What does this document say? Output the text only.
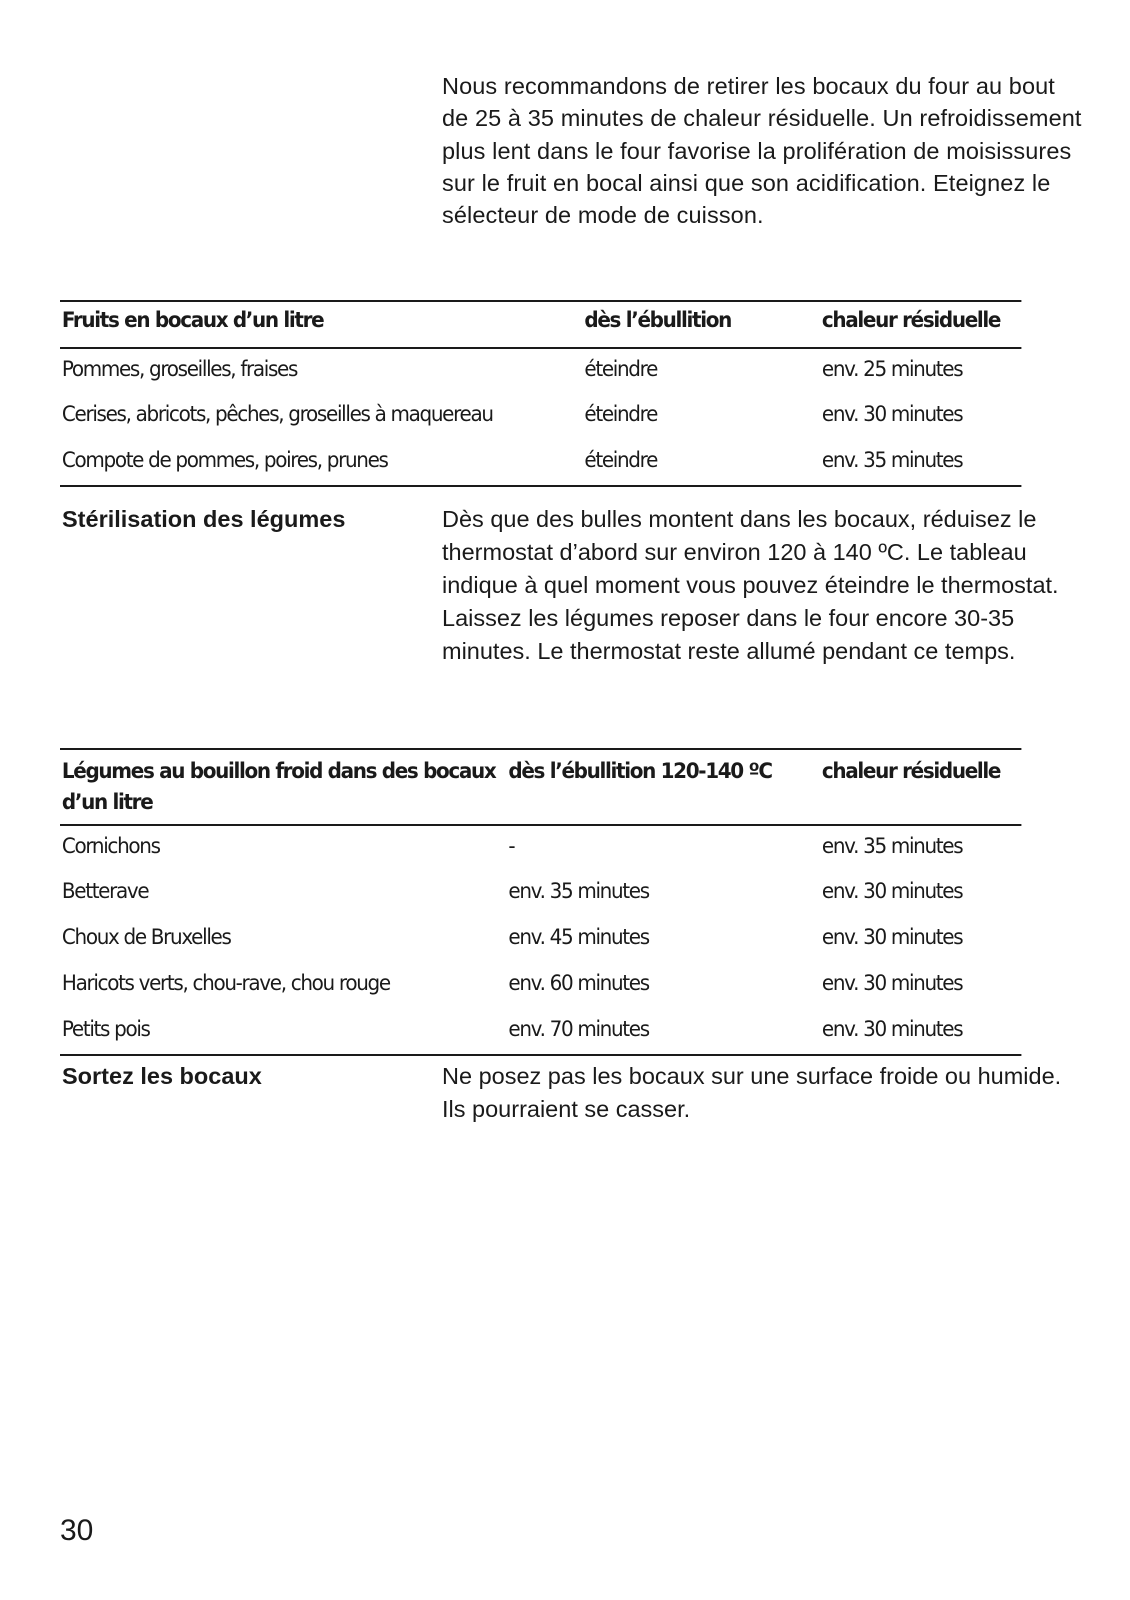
Nous recommandons de retirer les bocaux du four au bout de 25 à 35 minutes de chaleur résiduelle. Un refroidissement plus lent dans le four favorise la prolifération de moisissures sur le fruit en bocal ainsi que son acidification. Eteignez le sélecteur de mode de cuisson.

Fruits en bocaux d’un litre	dès l’ébullition	chaleur résiduelle

Pommes, groseilles, fraises	éteindre	env. 25 minutes

Cerises, abricots, pêches, groseilles à maquereau	éteindre	env. 30 minutes

Compote de pommes, poires, prunes	éteindre	env. 35 minutes
Stérilisation des légumes	Dès que des bulles montent dans les bocaux, réduisez le thermostat d’abord sur environ 120 à 140 ºC. Le tableau indique à quel moment vous pouvez éteindre le thermostat. Laissez les légumes reposer dans le four encore 30-35 minutes. Le thermostat reste allumé pendant ce temps.

Légumes au bouillon froid dans des bocaux d’un litre	dès l’ébullition 120-140 ºC	chaleur résiduelle

Cornichons	-	env. 35 minutes

Betterave	env. 35 minutes	env. 30 minutes

Choux de Bruxelles	env. 45 minutes	env. 30 minutes

Haricots verts, chou-rave, chou rouge	env. 60 minutes	env. 30 minutes

Petits pois	env. 70 minutes	env. 30 minutes
Sortez les bocaux	Ne posez pas les bocaux sur une surface froide ou humide. Ils pourraient se casser.

30
